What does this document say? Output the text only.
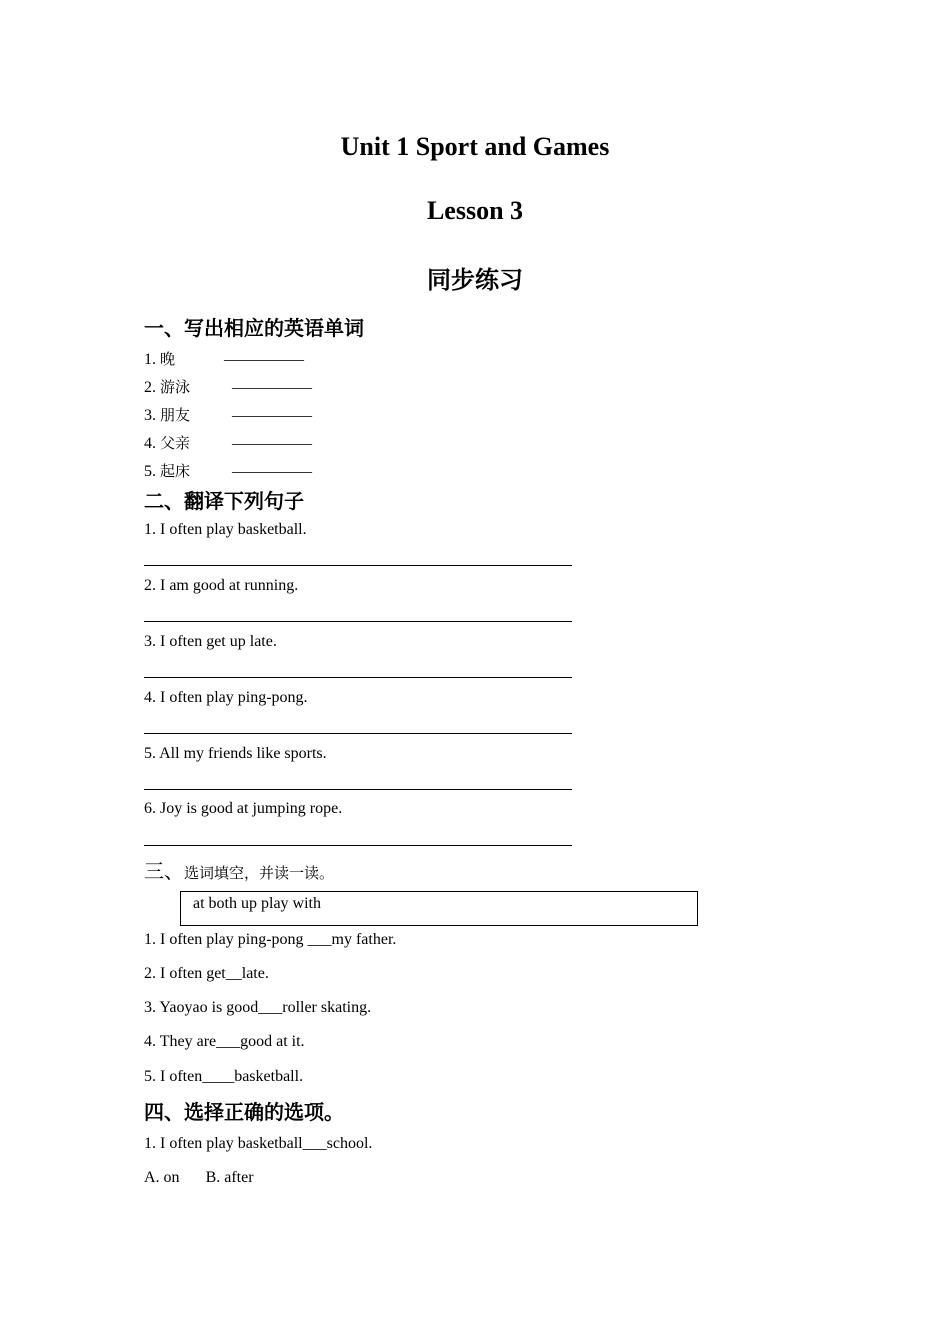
Unit 1 Sport and Games
Lesson 3
同步练习
一、写出相应的英语单词
1. 晚	__________
2. 游泳	__________
3. 朋友	__________
4. 父亲	__________
5. 起床	__________
二、翻译下列句子
1. I often play basketball.
2. I am good at running.
3. I often get up late.
4. I often play ping-pong.
5. All my friends like sports.
6. Joy is good at jumping rope.
三、选词填空，并读一读。
at both up play with
1. I often play ping-pong ___my father.
2. I often get__late.
3. Yaoyao is good___roller skating.
4. They are___good at it.
5. I often____basketball.
四、选择正确的选项。
1. I often play basketball___school.
A. on B. after
